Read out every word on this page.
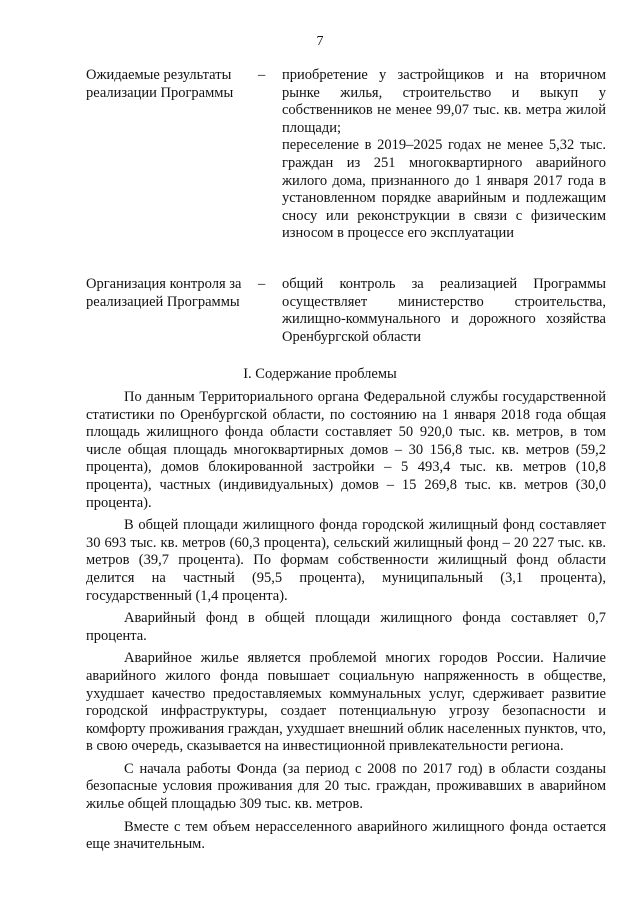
7
Ожидаемые результаты реализации Программы
–	приобретение у застройщиков и на вторичном рынке жилья, строительство и выкуп у собственников не менее 99,07 тыс. кв. метра жилой площади;

переселение в 2019–2025 годах не менее 5,32 тыс. граждан из 251 многоквартирного аварийного жилого дома, признанного до 1 января 2017 года в установленном порядке аварийным и подлежащим сносу или реконструкции в связи с физическим износом в процессе его эксплуатации

Организация контроля за реализацией Программы
–	общий контроль за реализацией Программы осуществляет министерство строительства, жилищно-коммунального и дорожного хозяйства Оренбургской области

I. Содержание проблемы

По данным Территориального органа Федеральной службы государственной статистики по Оренбургской области, по состоянию на 1 января 2018 года общая площадь жилищного фонда области составляет 50 920,0 тыс. кв. метров, в том числе общая площадь многоквартирных домов – 30 156,8 тыс. кв. метров (59,2 процента), домов блокированной застройки – 5 493,4 тыс. кв. метров (10,8 процента), частных (индивидуальных) домов – 15 269,8 тыс. кв. метров (30,0 процента).

В общей площади жилищного фонда городской жилищный фонд составляет 30 693 тыс. кв. метров (60,3 процента), сельский жилищный фонд – 20 227 тыс. кв. метров (39,7 процента). По формам собственности жилищный фонд области делится на частный (95,5 процента), муниципальный (3,1 процента), государственный (1,4 процента).

Аварийный фонд в общей площади жилищного фонда составляет 0,7 процента.

Аварийное жилье является проблемой многих городов России. Наличие аварийного жилого фонда повышает социальную напряженность в обществе, ухудшает качество предоставляемых коммунальных услуг, сдерживает развитие городской инфраструктуры, создает потенциальную угрозу безопасности и комфорту проживания граждан, ухудшает внешний облик населенных пунктов, что, в свою очередь, сказывается на инвестиционной привлекательности региона.

С начала работы Фонда (за период с 2008 по 2017 год) в области созданы безопасные условия проживания для 20 тыс. граждан, проживавших в аварийном жилье общей площадью 309 тыс. кв. метров.

Вместе с тем объем нерасселенного аварийного жилищного фонда остается еще значительным.
